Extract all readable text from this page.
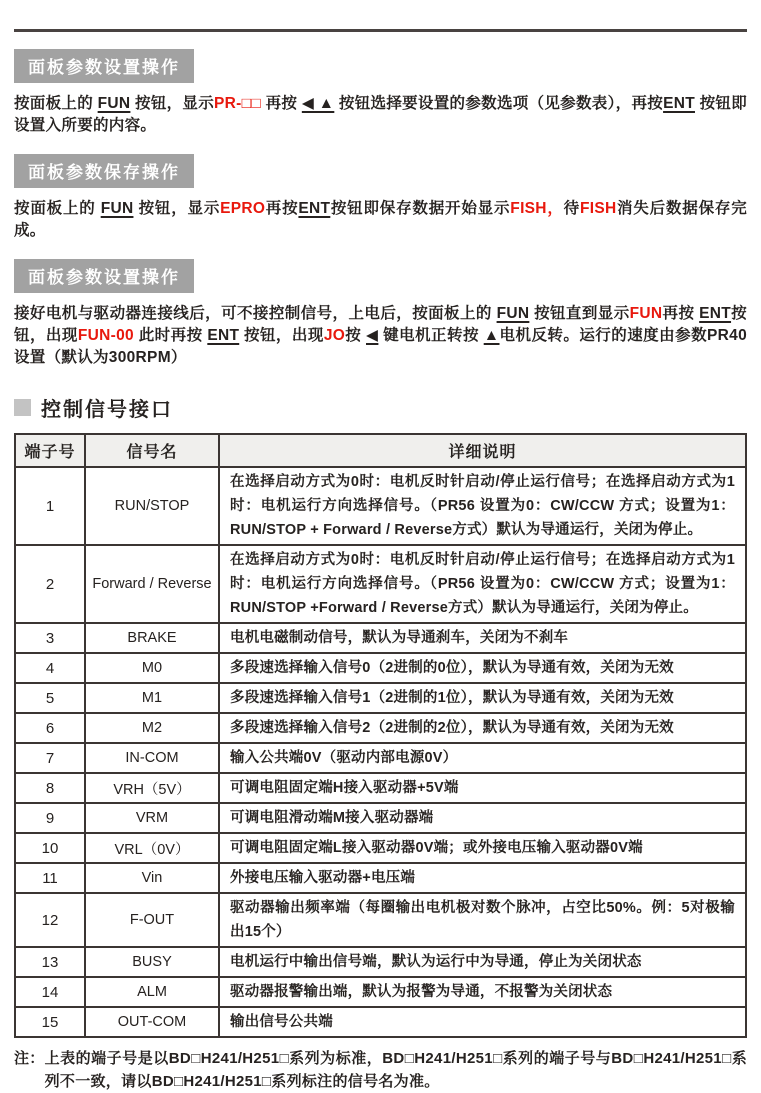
面板参数设置操作

按面板上的 FUN 按钮，显示PR-□□ 再按 ◀ ▲ 按钮选择要设置的参数选项（见参数表），再按ENT 按钮即设置入所要的内容。

面板参数保存操作

按面板上的 FUN 按钮，显示EPRO再按ENT按钮即保存数据开始显示FISH，待FISH消失后数据保存完成。

面板参数设置操作

接好电机与驱动器连接线后，可不接控制信号，上电后，按面板上的 FUN 按钮直到显示FUN再按 ENT按钮，出现FUN-00 此时再按 ENT 按钮，出现JO按 ◀ 键电机正转按 ▲电机反转。运行的速度由参数PR40设置（默认为300RPM）

控制信号接口
端子号	信号名	详细说明
1	RUN/STOP	在选择启动方式为0时：电机反时针启动/停止运行信号；在选择启动方式为1时：电机运行方向选择信号。（PR56 设置为0：CW/CCW 方式；设置为1：RUN/STOP + Forward / Reverse方式）默认为导通运行，关闭为停止。
2	Forward / Reverse	在选择启动方式为0时：电机反时针启动/停止运行信号；在选择启动方式为1时：电机运行方向选择信号。（PR56 设置为0：CW/CCW 方式；设置为1：RUN/STOP +Forward / Reverse方式）默认为导通运行，关闭为停止。
3	BRAKE	电机电磁制动信号，默认为导通刹车，关闭为不刹车
4	M0	多段速选择输入信号0（2进制的0位），默认为导通有效，关闭为无效
5	M1	多段速选择输入信号1（2进制的1位），默认为导通有效，关闭为无效
6	M2	多段速选择输入信号2（2进制的2位），默认为导通有效，关闭为无效
7	IN-COM	输入公共端0V（驱动内部电源0V）
8	VRH（5V）	可调电阻固定端H接入驱动器+5V端
9	VRM	可调电阻滑动端M接入驱动器端
10	VRL（0V）	可调电阻固定端L接入驱动器0V端；或外接电压输入驱动器0V端
11	Vin	外接电压输入驱动器+电压端
12	F-OUT	驱动器输出频率端（每圈输出电机极对数个脉冲，占空比50%。例：5对极输出15个）
13	BUSY	电机运行中输出信号端，默认为运行中为导通，停止为关闭状态
14	ALM	驱动器报警输出端，默认为报警为导通，不报警为关闭状态
15	OUT-COM	输出信号公共端
注： 上表的端子号是以BD□H241/H251□系列为标准，BD□H241/H251□系列的端子号与BD□H241/H251□系列不一致，请以BD□H241/H251□系列标注的信号名为准。
